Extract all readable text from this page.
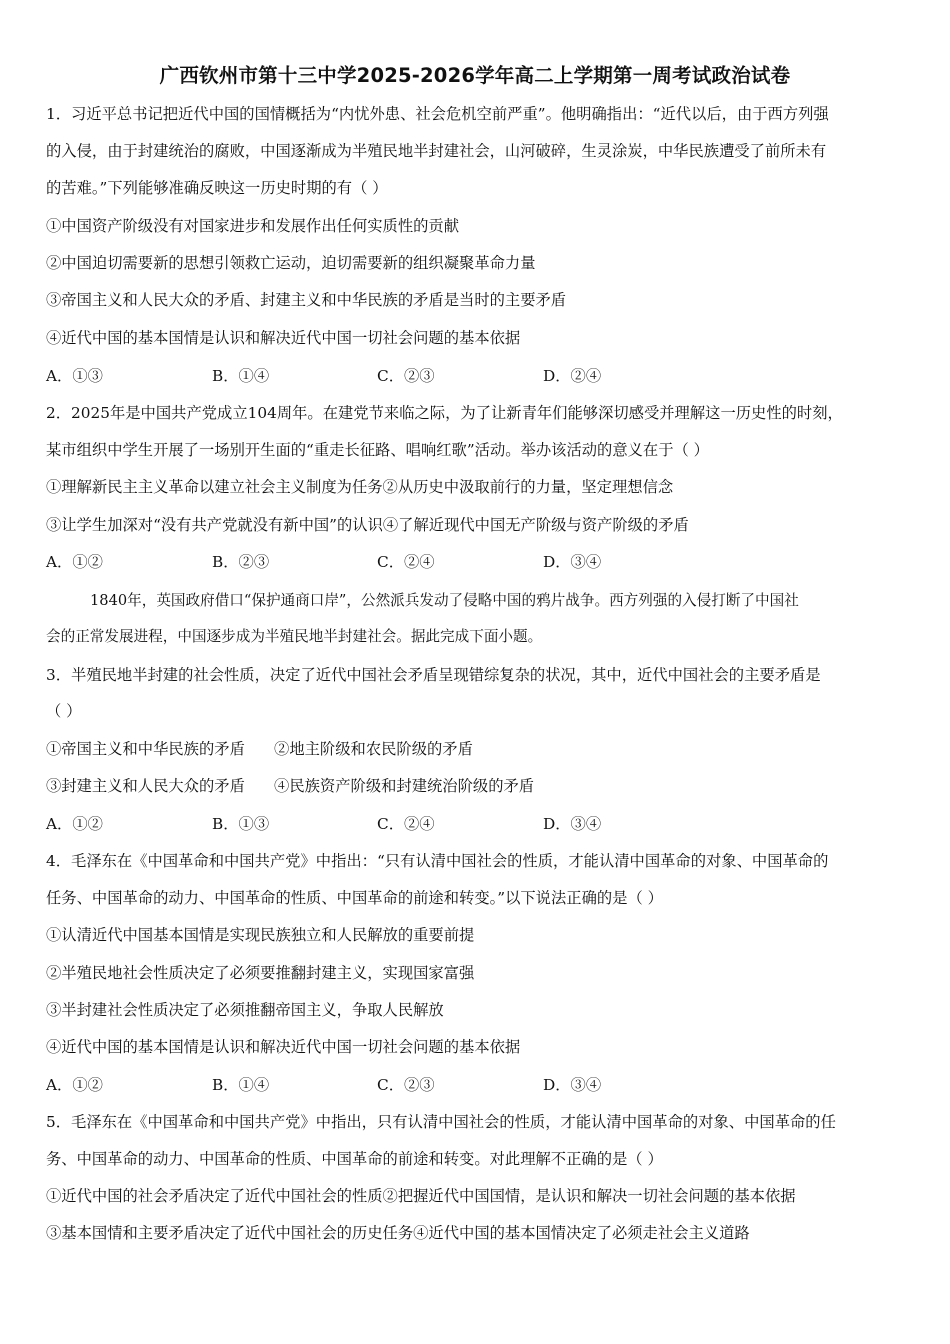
广西钦州市第十三中学2025-2026学年高二上学期第一周考试政治试卷
1．习近平总书记把近代中国的国情概括为“内忧外患、社会危机空前严重”。他明确指出：“近代以后，由于西方列强
的入侵，由于封建统治的腐败，中国逐渐成为半殖民地半封建社会，山河破碎，生灵涂炭，中华民族遭受了前所未有
的苦难。”下列能够准确反映这一历史时期的有（ ）
①中国资产阶级没有对国家进步和发展作出任何实质性的贡献
②中国迫切需要新的思想引领救亡运动，迫切需要新的组织凝聚革命力量
③帝国主义和人民大众的矛盾、封建主义和中华民族的矛盾是当时的主要矛盾
④近代中国的基本国情是认识和解决近代中国一切社会问题的基本依据
A．①③	B．①④	C．②③	D．②④
2．2025年是中国共产党成立104周年。在建党节来临之际，为了让新青年们能够深切感受并理解这一历史性的时刻，
某市组织中学生开展了一场别开生面的“重走长征路、唱响红歌”活动。举办该活动的意义在于（ ）
①理解新民主主义革命以建立社会主义制度为任务②从历史中汲取前行的力量，坚定理想信念
③让学生加深对“没有共产党就没有新中国”的认识④了解近现代中国无产阶级与资产阶级的矛盾
A．①②	B．②③	C．②④	D．③④
1840年，英国政府借口“保护通商口岸”，公然派兵发动了侵略中国的鸦片战争。西方列强的入侵打断了中国社
会的正常发展进程，中国逐步成为半殖民地半封建社会。据此完成下面小题。
3．半殖民地半封建的社会性质，决定了近代中国社会矛盾呈现错综复杂的状况，其中，近代中国社会的主要矛盾是
（ ）
①帝国主义和中华民族的矛盾      ②地主阶级和农民阶级的矛盾
③封建主义和人民大众的矛盾      ④民族资产阶级和封建统治阶级的矛盾
A．①②	B．①③	C．②④	D．③④
4．毛泽东在《中国革命和中国共产党》中指出：“只有认清中国社会的性质，才能认清中国革命的对象、中国革命的
任务、中国革命的动力、中国革命的性质、中国革命的前途和转变。”以下说法正确的是（ ）
①认清近代中国基本国情是实现民族独立和人民解放的重要前提
②半殖民地社会性质决定了必须要推翻封建主义，实现国家富强
③半封建社会性质决定了必须推翻帝国主义，争取人民解放
④近代中国的基本国情是认识和解决近代中国一切社会问题的基本依据
A．①②	B．①④	C．②③	D．③④
5．毛泽东在《中国革命和中国共产党》中指出，只有认清中国社会的性质，才能认清中国革命的对象、中国革命的任
务、中国革命的动力、中国革命的性质、中国革命的前途和转变。对此理解不正确的是（ ）
①近代中国的社会矛盾决定了近代中国社会的性质②把握近代中国国情，是认识和解决一切社会问题的基本依据
③基本国情和主要矛盾决定了近代中国社会的历史任务④近代中国的基本国情决定了必须走社会主义道路
